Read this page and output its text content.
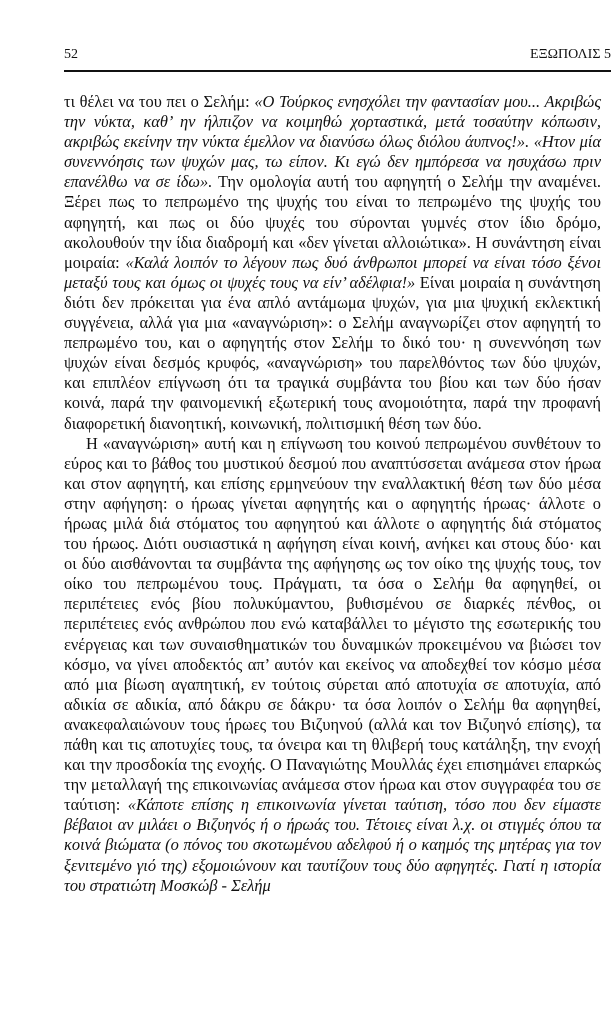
52	ΕΞΩΠΟΛΙΣ 5

τι θέλει να του πει ο Σελήμ: «Ο Τούρκος ενησχόλει την φαντασίαν μου... Ακριβώς την νύκτα, καθ’ ην ήλπιζον να κοιμηθώ χορταστικά, μετά τοσαύτην κόπωσιν, ακριβώς εκείνην την νύκτα έμελλον να διανύσω όλως διόλου άυπνος!». «Ητον μία συνεννόησις των ψυχών μας, τω είπον. Κι εγώ δεν ημπόρεσα να ησυχάσω πριν επανέλθω να σε ίδω». Την ομολογία αυτή του αφηγητή ο Σελήμ την αναμένει. Ξέρει πως το πεπρωμένο της ψυχής του είναι το πεπρωμένο της ψυχής του αφηγητή, και πως οι δύο ψυχές του σύρονται γυμνές στον ίδιο δρόμο, ακολουθούν την ίδια διαδρομή και «δεν γίνεται αλλοιώτικα». Η συνάντηση είναι μοιραία: «Καλά λοιπόν το λέγουν πως δυό άνθρωποι μπορεί να είναι τόσο ξένοι μεταξύ τους και όμως οι ψυχές τους να είν’ αδέλφια!» Είναι μοιραία η συνάντηση διότι δεν πρόκειται για ένα απλό αντάμωμα ψυχών, για μια ψυχική εκλεκτική συγγένεια, αλλά για μια «αναγνώριση»: ο Σελήμ αναγνωρίζει στον αφηγητή το πεπρωμένο του, και ο αφηγητής στον Σελήμ το δικό του· η συνεννόηση των ψυχών είναι δεσμός κρυφός, «αναγνώριση» του παρελθόντος των δύο ψυχών, και επιπλέον επίγνωση ότι τα τραγικά συμβάντα του βίου και των δύο ήσαν κοινά, παρά την φαινομενική εξωτερική τους ανομοιότητα, παρά την προφανή διαφορετική διανοητική, κοινωνική, πολιτισμική θέση των δύο.

Η «αναγνώριση» αυτή και η επίγνωση του κοινού πεπρωμένου συνθέτουν το εύρος και το βάθος του μυστικού δεσμού που αναπτύσσεται ανάμεσα στον ήρωα και στον αφηγητή, και επίσης ερμηνεύουν την εναλλακτική θέση των δύο μέσα στην αφήγηση: ο ήρωας γίνεται αφηγητής και ο αφηγητής ήρωας· άλλοτε ο ήρωας μιλά διά στόματος του αφηγητού και άλλοτε ο αφηγητής διά στόματος του ήρωος. Διότι ουσιαστικά η αφήγηση είναι κοινή, ανήκει και στους δύο· και οι δύο αισθάνονται τα συμβάντα της αφήγησης ως τον οίκο της ψυχής τους, τον οίκο του πεπρωμένου τους. Πράγματι, τα όσα ο Σελήμ θα αφηγηθεί, οι περιπέτειες ενός βίου πολυκύμαντου, βυθισμένου σε διαρκές πένθος, οι περιπέτειες ενός ανθρώπου που ενώ καταβάλλει το μέγιστο της εσωτερικής του ενέργειας και των συναισθηματικών του δυναμικών προκειμένου να βιώσει τον κόσμο, να γίνει αποδεκτός απ’ αυτόν και εκείνος να αποδεχθεί τον κόσμο μέσα από μια βίωση αγαπητική, εν τούτοις σύρεται από αποτυχία σε αποτυχία, από αδικία σε αδικία, από δάκρυ σε δάκρυ· τα όσα λοιπόν ο Σελήμ θα αφηγηθεί, ανακεφαλαιώνουν τους ήρωες του Βιζυηνού (αλλά και τον Βιζυηνό επίσης), τα πάθη και τις αποτυχίες τους, τα όνειρα και τη θλιβερή τους κατάληξη, την ενοχή και την προσδοκία της ενοχής. Ο Παναγιώτης Μουλλάς έχει επισημάνει επαρκώς την μεταλλαγή της επικοινωνίας ανάμεσα στον ήρωα και στον συγγραφέα του σε ταύτιση: «Κάποτε επίσης η επικοινωνία γίνεται ταύτιση, τόσο που δεν είμαστε βέβαιοι αν μιλάει ο Βιζυηνός ή ο ήρωάς του. Τέτοιες είναι λ.χ. οι στιγμές όπου τα κοινά βιώματα (ο πόνος του σκοτωμένου αδελφού ή ο καημός της μητέρας για τον ξενιτεμένο γιό της) εξομοιώνουν και ταυτίζουν τους δύο αφηγητές. Γιατί η ιστορία του στρατιώτη Μοσκώβ - Σελήμ
